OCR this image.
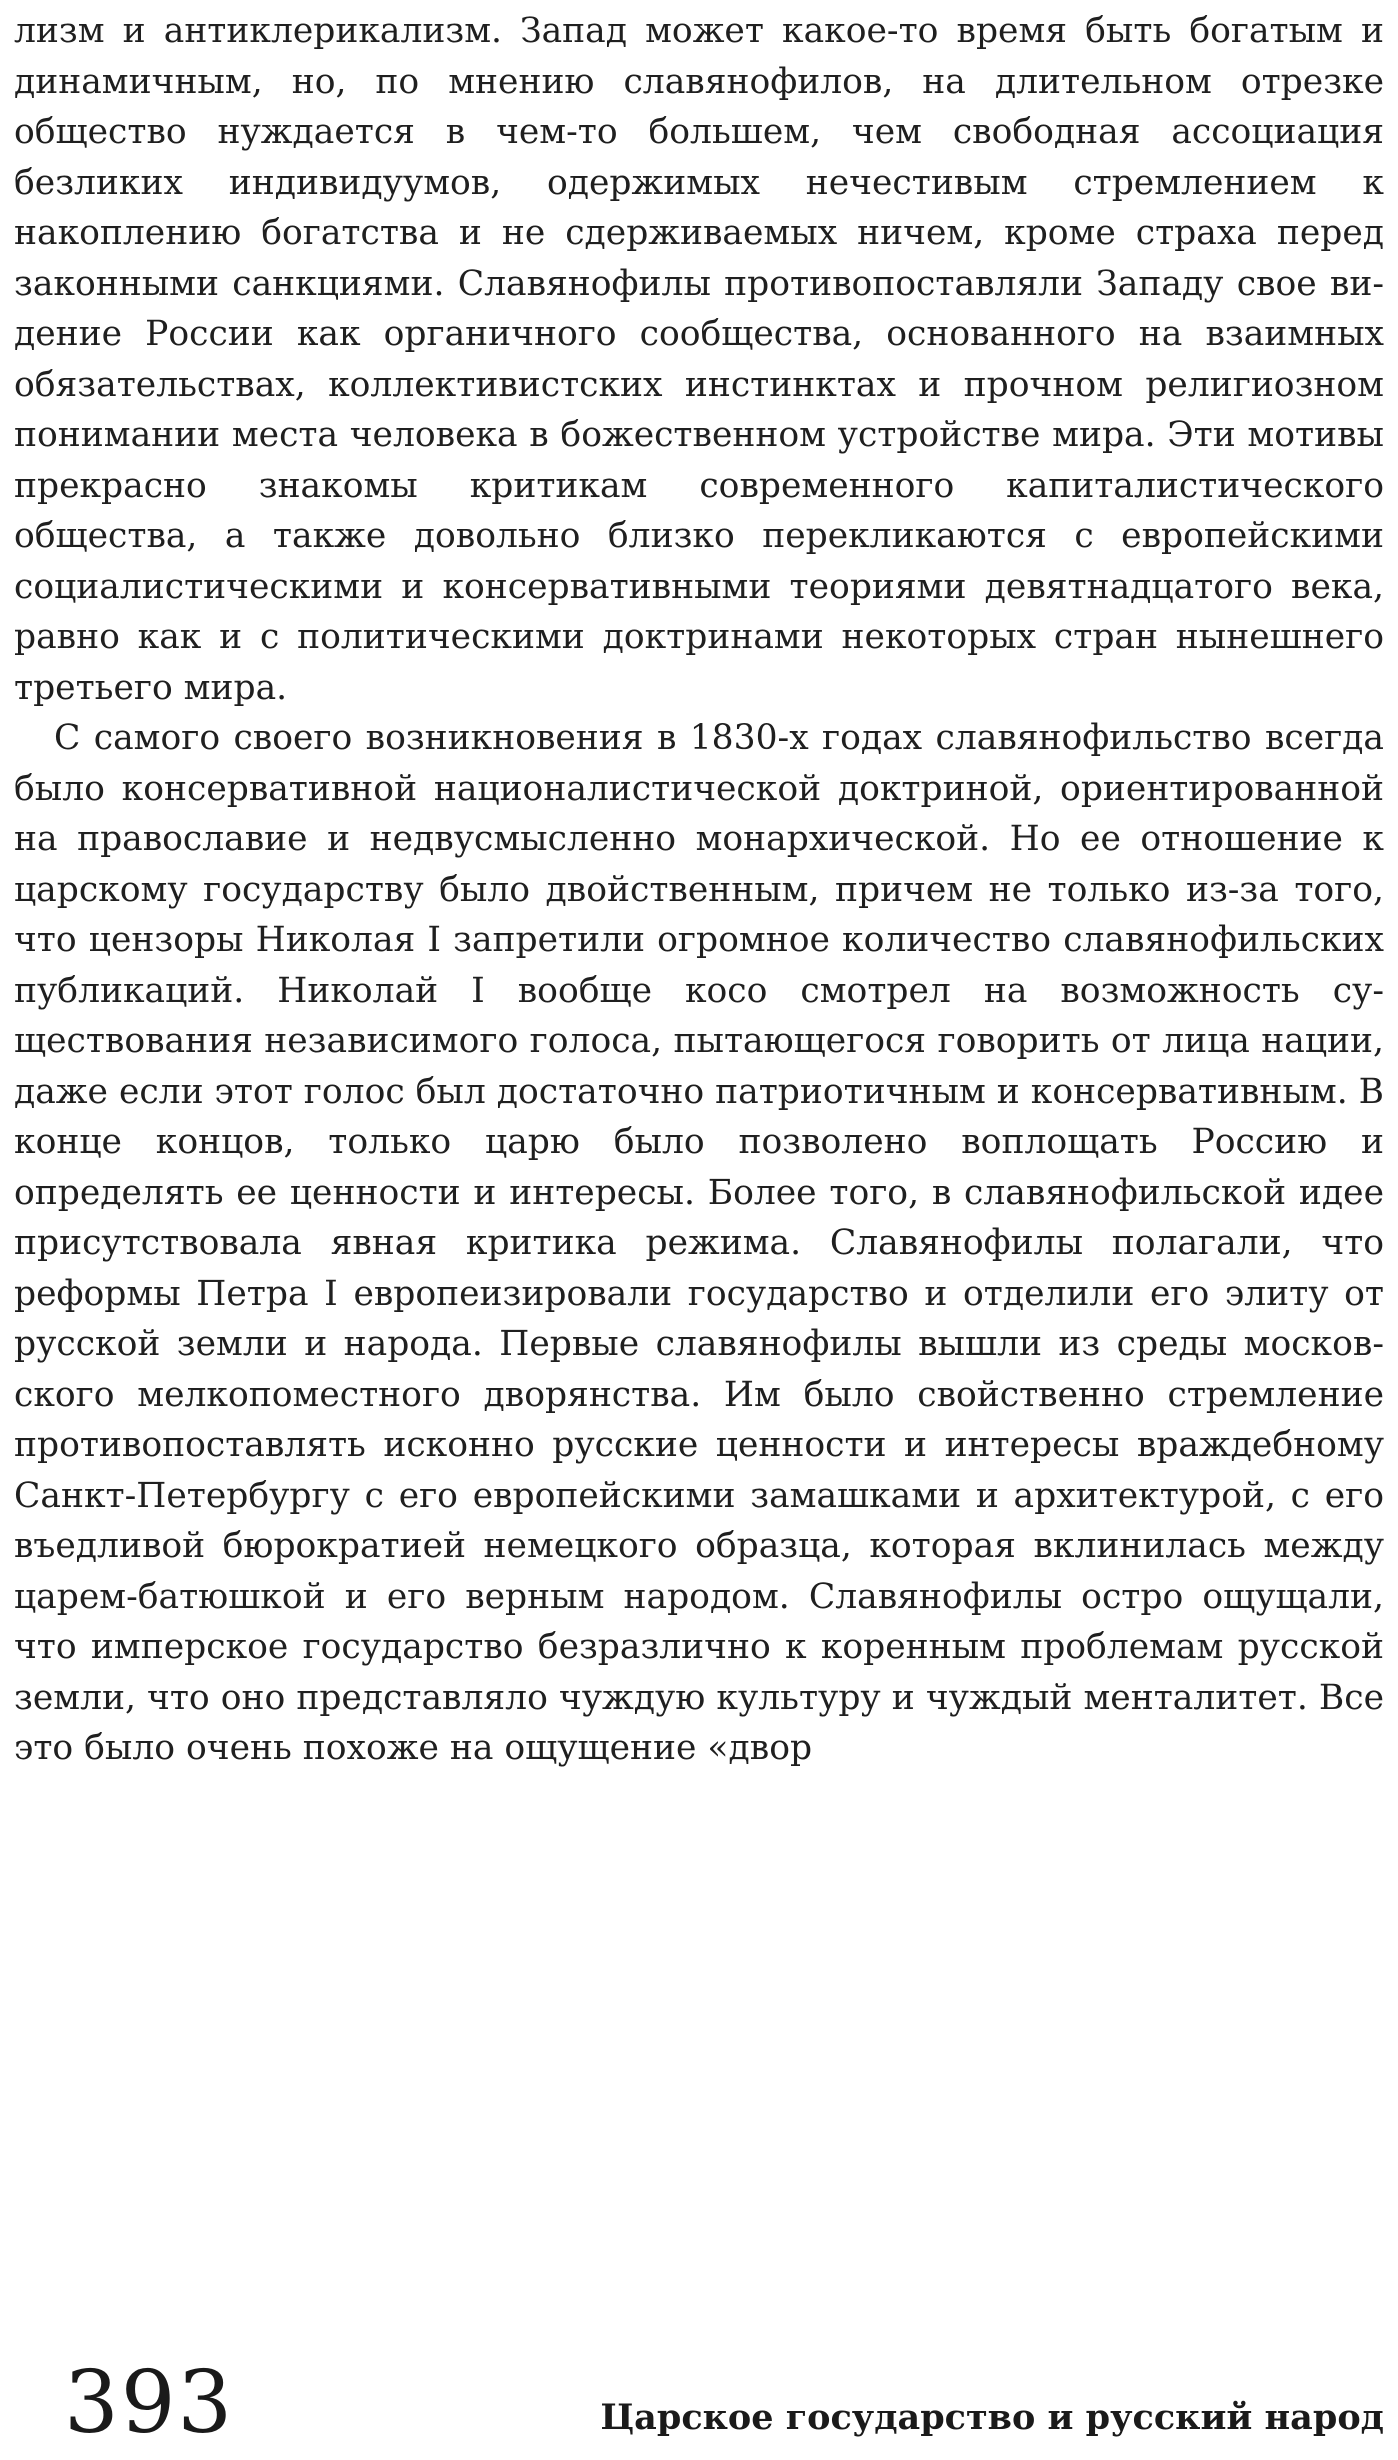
лизм и антиклерикализм. Запад может какое-то время быть богатым и динамичным, но, по мнению славянофилов, на длительном отрезке общество нуждается в чем-то большем, чем свободная ассоциация безликих индивидуумов, одержимых нечестивым стремлением к накоплению богатства и не сдерживаемых ничем, кроме страха перед законными санкциями. Славянофилы противопоставляли Западу свое видение России как органичного сообщества, основанного на взаимных обязательствах, коллективистских инстинктах и прочном религиозном понимании места человека в божественном устройстве мира. Эти мотивы прекрасно знакомы критикам современного капиталистического общества, а также довольно близко перекликаются с европейскими социалистическими и консервативными теориями девятнадцатого века, равно как и с политическими доктринами некоторых стран нынешнего третьего мира.

С самого своего возникновения в 1830-х годах славянофильство всегда было консервативной националистической доктриной, ориентированной на православие и недвусмысленно монархической. Но ее отношение к царскому государству было двойственным, причем не только из-за того, что цензоры Николая I запретили огромное количество славянофильских публикаций. Николай I вообще косо смотрел на возможность существования независимого голоса, пытающегося говорить от лица нации, даже если этот голос был достаточно патриотичным и консервативным. В конце концов, только царю было позволено воплощать Россию и определять ее ценности и интересы. Более того, в славянофильской идее присутствовала явная критика режима. Славянофилы полагали, что реформы Петра I европеизировали государство и отделили его элиту от русской земли и народа. Первые славянофилы вышли из среды московского мелкопоместного дворянства. Им было свойственно стремление противопоставлять исконно русские ценности и интересы враждебному Санкт-Петербургу с его европейскими замашками и архитектурой, с его въедливой бюрократией немецкого образца, которая вклинилась между царем-батюшкой и его верным народом. Славянофилы остро ощущали, что имперское государство безразлично к коренным проблемам русской земли, что оно представляло чуждую культуру и чуждый менталитет. Все это было очень похоже на ощущение «двор

393	Царское государство и русский народ
